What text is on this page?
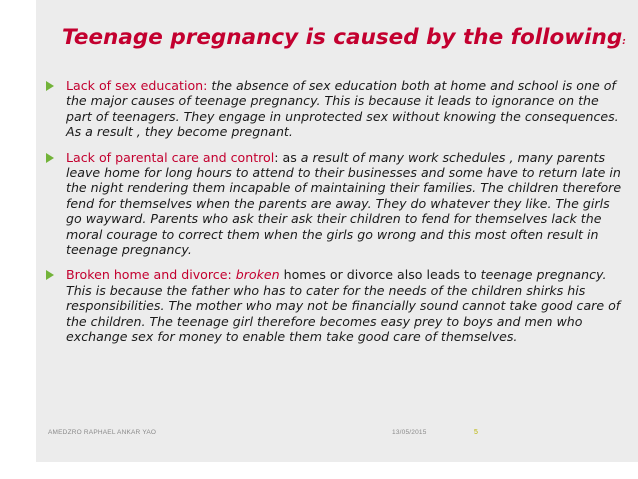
Teenage pregnancy is caused by the following:
Lack of sex education: the absence of sex education both at home and school is one of the major causes of teenage pregnancy. This is because it leads to ignorance on the part of teenagers. They engage in unprotected sex without knowing the consequences. As a result , they become pregnant.
Lack of parental care and control: as a result of many work schedules , many parents leave home for long hours to attend to their businesses and some have to return late in the night rendering them incapable of maintaining their families. The children therefore fend for themselves when the parents are away. They do whatever they like. The girls go wayward. Parents who ask their ask their children to fend for themselves lack the moral courage to correct them when the girls go wrong and this most often result in teenage pregnancy.
Broken home and divorce: broken homes or divorce also leads to teenage pregnancy. This is because the father who has to cater for the needs of the children shirks his responsibilities. The mother who may not be financially sound cannot take good care of the children. The teenage girl therefore becomes easy prey to boys and men who exchange sex for money to enable them take good care of themselves.
AMEDZRO RAPHAEL ANKAR YAO	13/05/2015	5
